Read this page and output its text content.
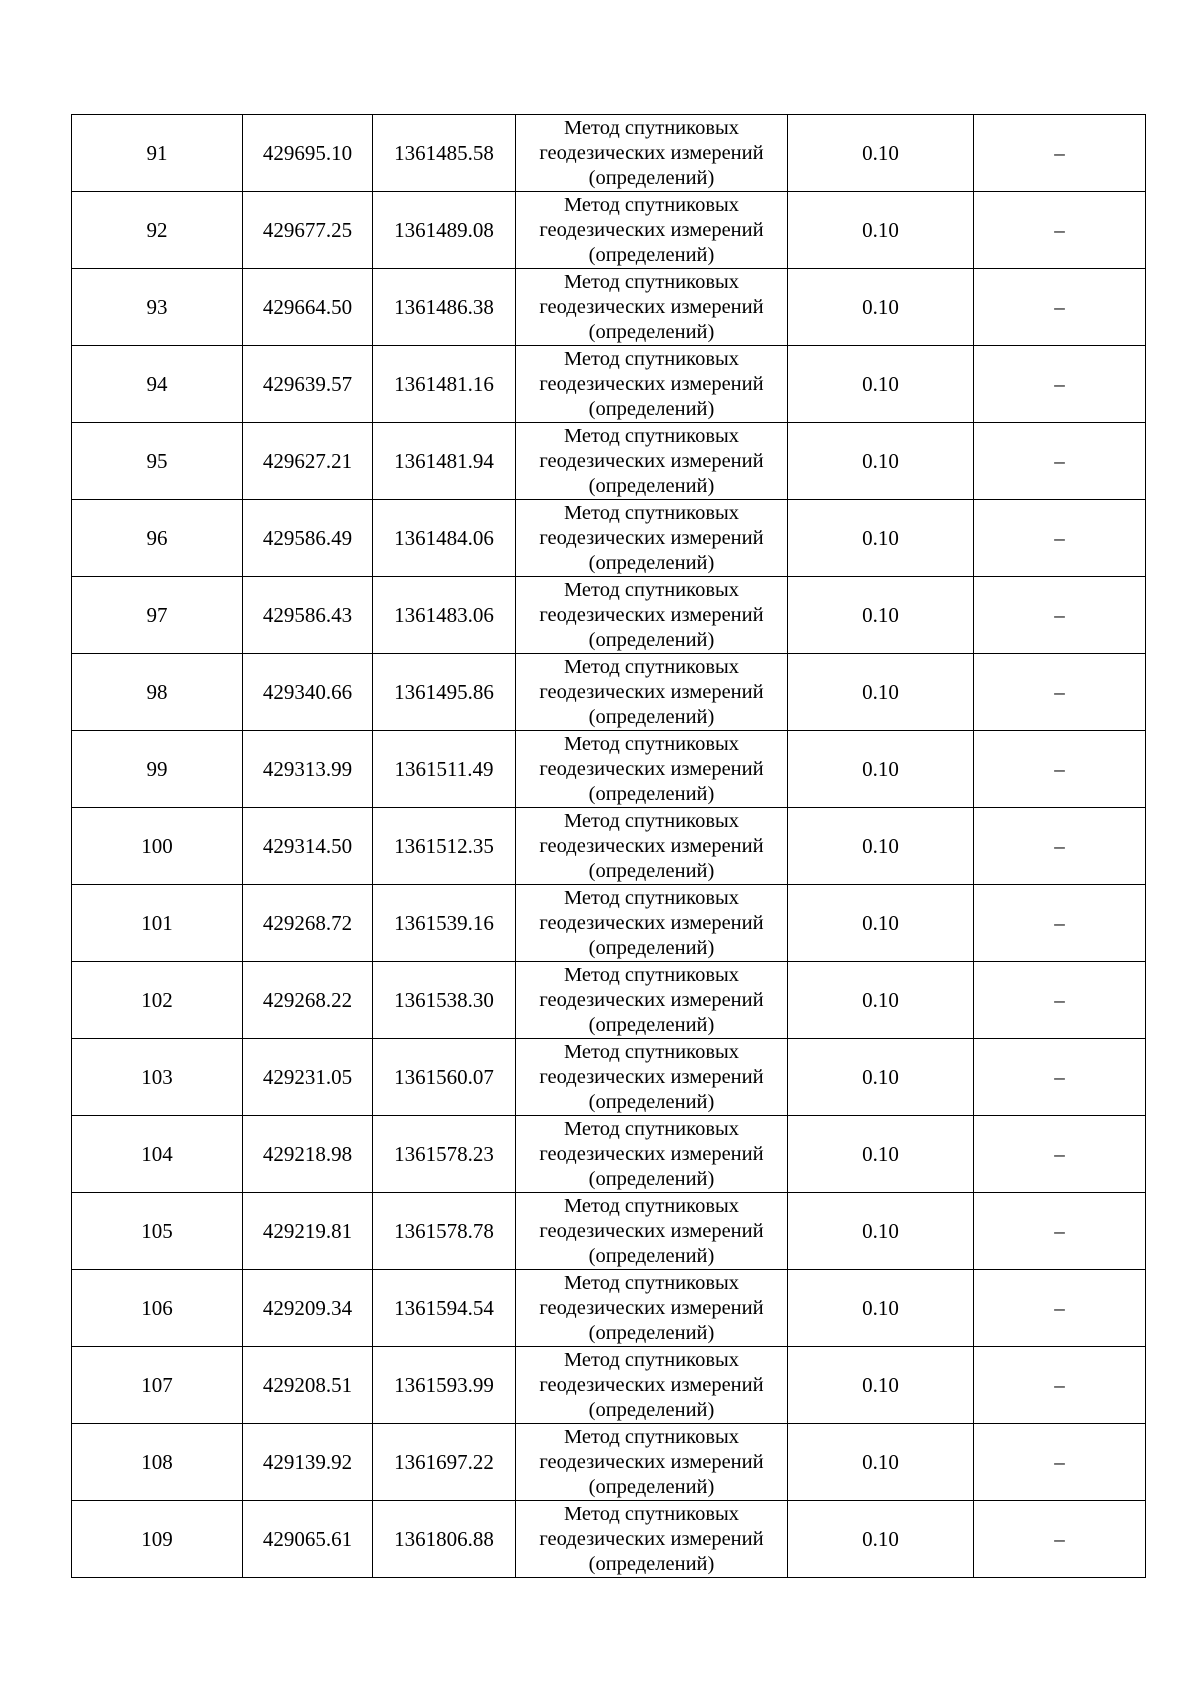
91	429695.10	1361485.58	Метод спутниковых
геодезических измерений
(определений)	0.10	–
92	429677.25	1361489.08	Метод спутниковых
геодезических измерений
(определений)	0.10	–
93	429664.50	1361486.38	Метод спутниковых
геодезических измерений
(определений)	0.10	–
94	429639.57	1361481.16	Метод спутниковых
геодезических измерений
(определений)	0.10	–
95	429627.21	1361481.94	Метод спутниковых
геодезических измерений
(определений)	0.10	–
96	429586.49	1361484.06	Метод спутниковых
геодезических измерений
(определений)	0.10	–
97	429586.43	1361483.06	Метод спутниковых
геодезических измерений
(определений)	0.10	–
98	429340.66	1361495.86	Метод спутниковых
геодезических измерений
(определений)	0.10	–
99	429313.99	1361511.49	Метод спутниковых
геодезических измерений
(определений)	0.10	–
100	429314.50	1361512.35	Метод спутниковых
геодезических измерений
(определений)	0.10	–
101	429268.72	1361539.16	Метод спутниковых
геодезических измерений
(определений)	0.10	–
102	429268.22	1361538.30	Метод спутниковых
геодезических измерений
(определений)	0.10	–
103	429231.05	1361560.07	Метод спутниковых
геодезических измерений
(определений)	0.10	–
104	429218.98	1361578.23	Метод спутниковых
геодезических измерений
(определений)	0.10	–
105	429219.81	1361578.78	Метод спутниковых
геодезических измерений
(определений)	0.10	–
106	429209.34	1361594.54	Метод спутниковых
геодезических измерений
(определений)	0.10	–
107	429208.51	1361593.99	Метод спутниковых
геодезических измерений
(определений)	0.10	–
108	429139.92	1361697.22	Метод спутниковых
геодезических измерений
(определений)	0.10	–
109	429065.61	1361806.88	Метод спутниковых
геодезических измерений
(определений)	0.10	–
